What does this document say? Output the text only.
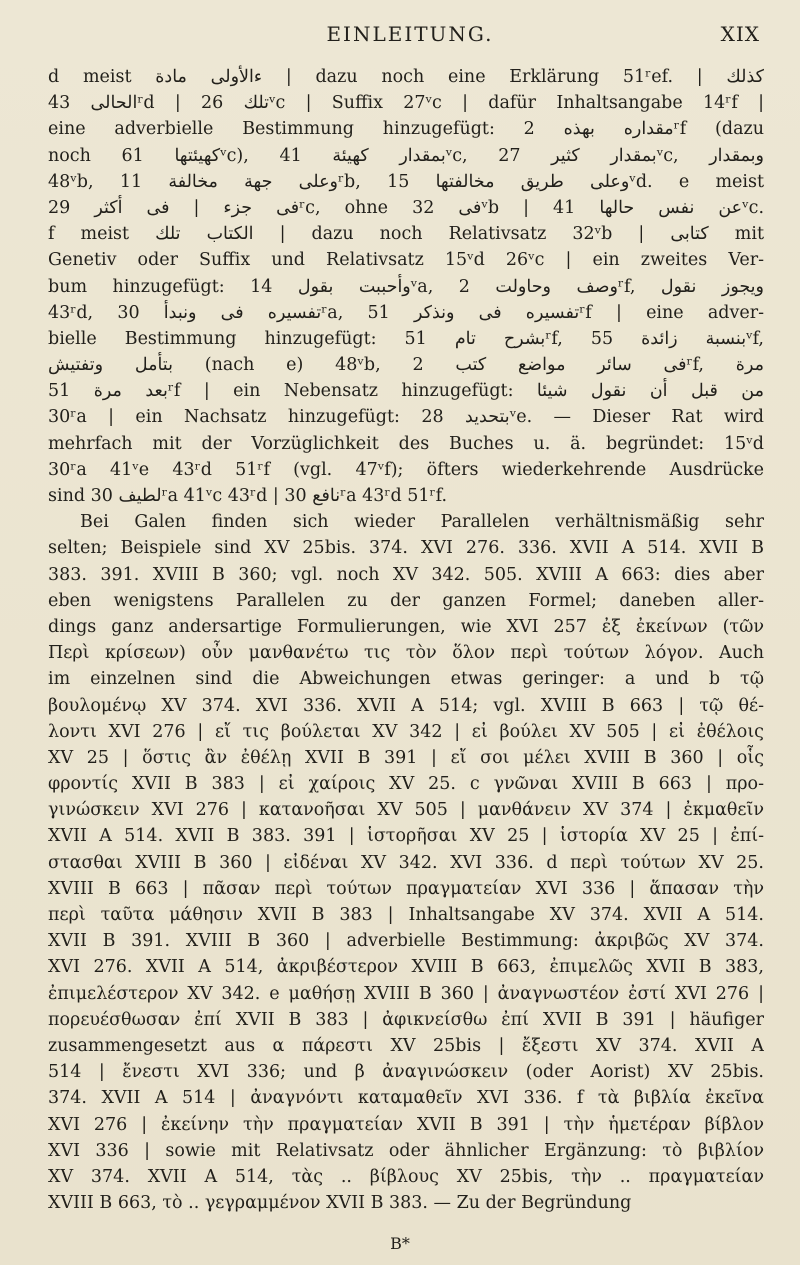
EINLEITUNG.	XIX
d meist ﺀﺍﻷﻭﻟﻰ ﻣﺎﺩﺓ | dazu noch eine Erklärung 51ʳef. | ﻛﺬﻟﻚ
ﺍﻟﺤﺎﻟﻰ 43ʳd | ﺗﻠﻚ 26ᵛc | Suffix 27ᵛc | dafür Inhaltsangabe 14ʳf |
eine adverbielle Bestimmung hinzugefügt: ﻣﻘﺪﺍﺭﻩ ﺑﻬﺬﻩ 2ʳf (dazu
noch ﻛﻬﻴﺌﺘﻬﺎ 61ᵛc), ﺑﻤﻘﺪﺍﺭ ﻛﻬﻴﺌﺔ 41ᵛc, ﺑﻤﻘﺪﺍﺭ ﻛﺜﻴﺮ 27ᵛc, ﻭﺑﻤﻘﺪﺍﺭ
48ᵛb, ﻭﻋﻠﻰ ﺟﻬﺔ ﻣﺨﺎﻟﻔﺔ 11ʳb, ﻭﻋﻠﻰ ﻃﺮﻳﻖ ﻣﺨﺎﻟﻔﺘﻬﺎ 15ᵛd. e meist
ﻓﻰ ﺟﺰﺀ | ﻓﻰ ﺃﻛﺜﺮ 29ʳc, ohne ﻓﻰ 32ᵛb | ﻋﻦ ﻧﻔﺲ ﺣﺎﻟﻬﺎ 41ᵛc.
f meist ﺍﻟﻜﺘﺎﺏ ﺗﻠﻚ | dazu noch Relativsatz 32ᵛb | ﻛﺘﺎﺑﻰ mit
Genetiv oder Suffix und Relativsatz 15ᵛd 26ᵛc | ein zweites Ver-
bum hinzugefügt: ﻭﺃﺣﺒﺒﺖ ﺑﻘﻮﻝ 14ᵛa, ﻭﺻﻒ ﻭﺣﺎﻭﻟﺖ 2ʳf, ﻭﻳﺠﻮﺯ ﻧﻘﻮﻝ
43ʳd, ﺗﻔﺴﻴﺮﻩ ﻓﻰ ﻭﻧﺒﺪﺃ 30ʳa, ﺗﻔﺴﻴﺮﻩ ﻓﻰ ﻭﻧﺬﻛﺮ 51ʳf | eine adver-
bielle Bestimmung hinzugefügt: ﺑﺸﺮﺡ ﺗﺎﻡ 51ʳf, ﺑﻨﺴﺒﺔ ﺯﺍﺋﺪﺓ 55ᵛf,
ﺑﺘﺄﻣﻞ ﻭﺗﻔﺘﻴﺶ (nach e) 48ᵛb, ﻓﻰ ﺳﺎﺋﺮ ﻣﻮﺍﺿﻊ ﻛﺘﺐ 2ʳf, ﻣﺮﺓ
ﺑﻌﺪ ﻣﺮﺓ 51ʳf | ein Nebensatz hinzugefügt: ﻣﻦ ﻗﺒﻞ ﺃﻥ ﻧﻘﻮﻝ ﺷﻴﺌﺎ
30ʳa | ein Nachsatz hinzugefügt: ﺑﺘﺤﺪﻳﺪ 28ᵛe. — Dieser Rat wird
mehrfach mit der Vorzüglichkeit des Buches u. ä. begründet: 15ᵛd
30ʳa 41ᵛe 43ʳd 51ʳf (vgl. 47ᵛf); öfters wiederkehrende Ausdrücke
sind ﻟﻄﻴﻒ 30ʳa 41ᵛc 43ʳd | ﻧﺎﻓﻊ 30ʳa 43ʳd 51ʳf.
Bei Galen finden sich wieder Parallelen verhältnismäßig sehr
selten; Beispiele sind XV 25bis. 374. XVI 276. 336. XVII A 514. XVII B
383. 391. XVIII B 360; vgl. noch XV 342. 505. XVIII A 663: dies aber
eben wenigstens Parallelen zu der ganzen Formel; daneben aller-
dings ganz andersartige Formulierungen, wie XVI 257 ἐξ ἐκείνων (τῶν
Περὶ κρίσεων) οὖν μανθανέτω τις τὸν ὅλον περὶ τούτων λόγον. Auch
im einzelnen sind die Abweichungen etwas geringer: a und b τῷ
βουλομένῳ XV 374. XVI 336. XVII A 514; vgl. XVIII B 663 | τῷ θέ-
λοντι XVI 276 | εἴ τις βούλεται XV 342 | εἰ βούλει XV 505 | εἰ ἐθέλοις
XV 25 | ὅστις ἂν ἐθέλῃ XVII B 391 | εἴ σοι μέλει XVIII B 360 | οἷς
φροντίς XVII B 383 | εἰ χαίροις XV 25. c γνῶναι XVIII B 663 | προ-
γινώσκειν XVI 276 | κατανοῆσαι XV 505 | μανθάνειν XV 374 | ἐκμαθεῖν
XVII A 514. XVII B 383. 391 | ἱστορῆσαι XV 25 | ἱστορία XV 25 | ἐπί-
στασθαι XVIII B 360 | εἰδέναι XV 342. XVI 336. d περὶ τούτων XV 25.
XVIII B 663 | πᾶσαν περὶ τούτων πραγματείαν XVI 336 | ἅπασαν τὴν
περὶ ταῦτα μάθησιν XVII B 383 | Inhaltsangabe XV 374. XVII A 514.
XVII B 391. XVIII B 360 | adverbielle Bestimmung: ἀκριβῶς XV 374.
XVI 276. XVII A 514, ἀκριβέστερον XVIII B 663, ἐπιμελῶς XVII B 383,
ἐπιμελέστερον XV 342. e μαθήσῃ XVIII B 360 | ἀναγνωστέον ἐστί XVI 276 |
πορευέσθωσαν ἐπί XVII B 383 | ἀφικνείσθω ἐπί XVII B 391 | häufiger
zusammengesetzt aus α πάρεστι XV 25bis | ἔξεστι XV 374. XVII A
514 | ἔνεστι XVI 336; und β ἀναγινώσκειν (oder Aorist) XV 25bis.
374. XVII A 514 | ἀναγνόντι καταμαθεῖν XVI 336. f τὰ βιβλία ἐκεῖνα
XVI 276 | ἐκείνην τὴν πραγματείαν XVII B 391 | τὴν ἡμετέραν βίβλον
XVI 336 | sowie mit Relativsatz oder ähnlicher Ergänzung: τὸ βιβλίον
XV 374. XVII A 514, τὰς .. βίβλους XV 25bis, τὴν .. πραγματείαν
XVIII B 663, τὸ .. γεγραμμένον XVII B 383. — Zu der Begründung
B*
